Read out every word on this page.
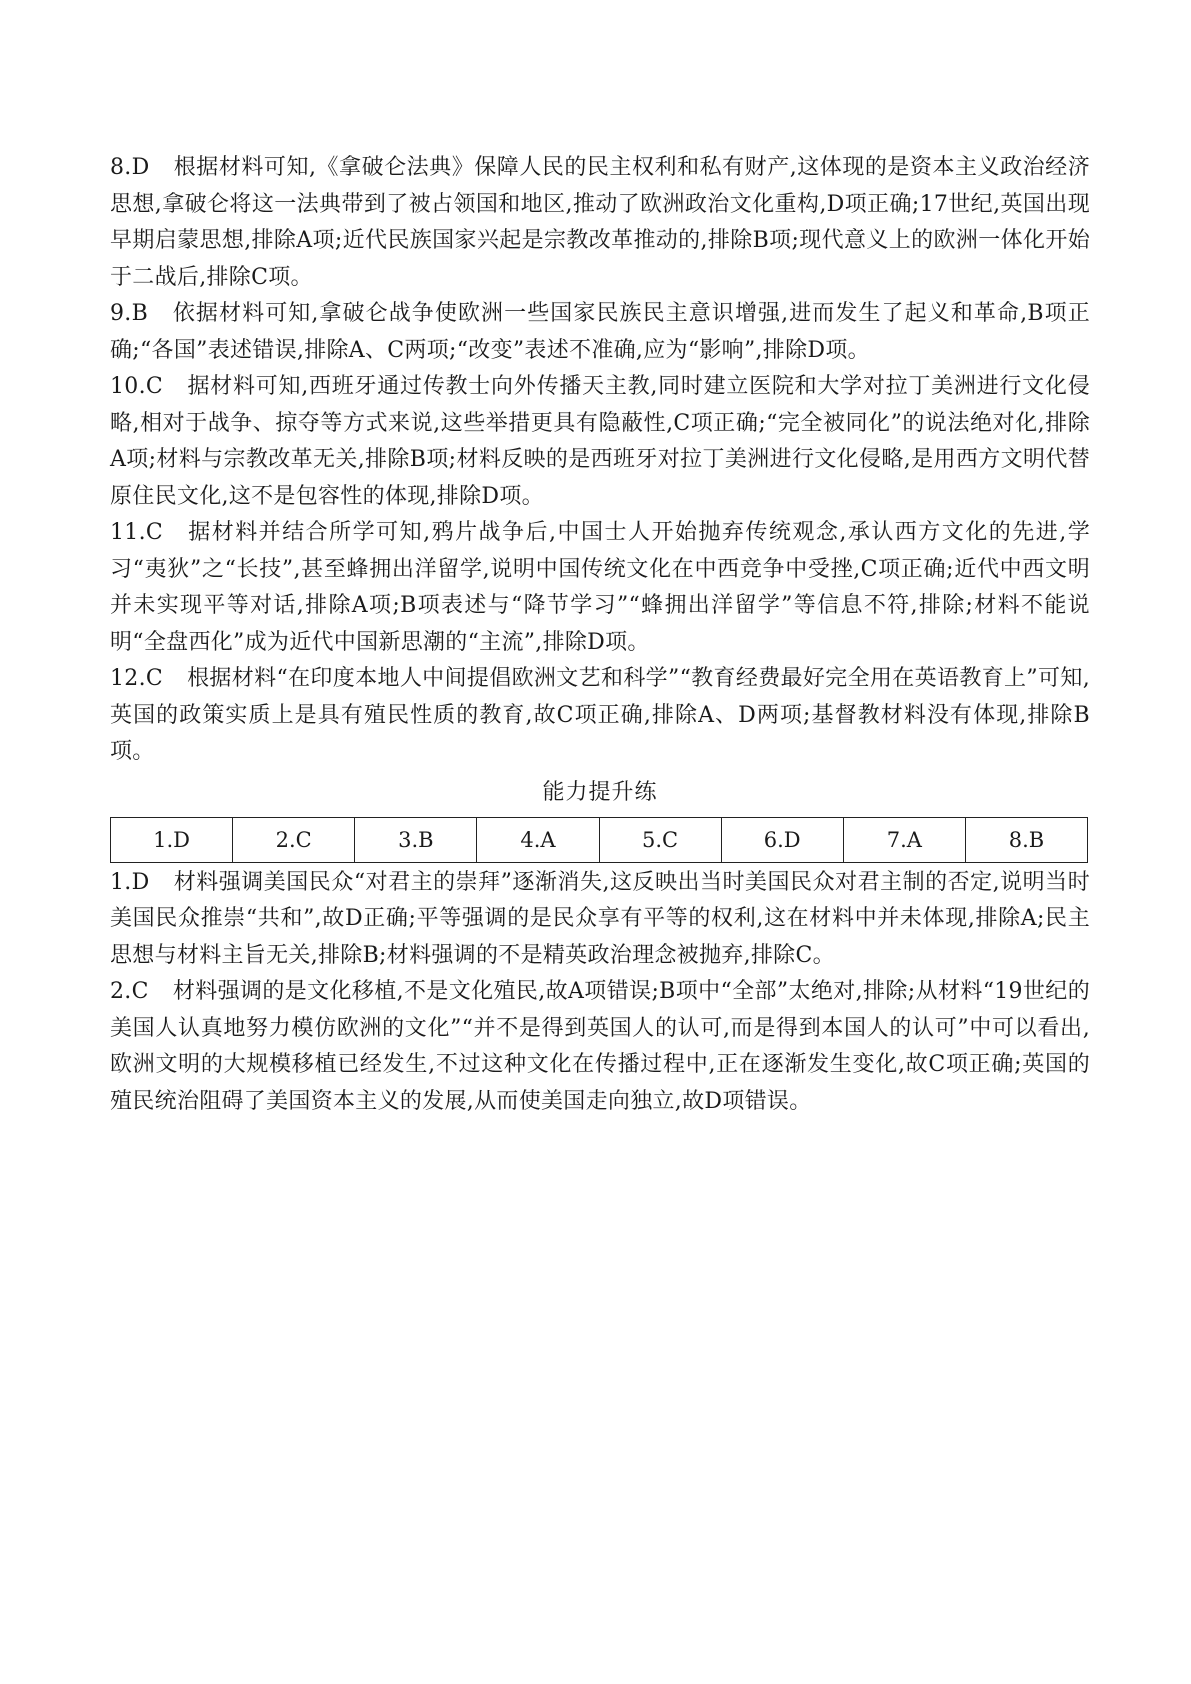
8.D 根据材料可知,《拿破仑法典》保障人民的民主权利和私有财产,这体现的是资本主义政治经济思想,拿破仑将这一法典带到了被占领国和地区,推动了欧洲政治文化重构,D项正确;17世纪,英国出现早期启蒙思想,排除A项;近代民族国家兴起是宗教改革推动的,排除B项;现代意义上的欧洲一体化开始于二战后,排除C项。

9.B 依据材料可知,拿破仑战争使欧洲一些国家民族民主意识增强,进而发生了起义和革命,B项正确;“各国”表述错误,排除A、C两项;“改变”表述不准确,应为“影响”,排除D项。

10.C 据材料可知,西班牙通过传教士向外传播天主教,同时建立医院和大学对拉丁美洲进行文化侵略,相对于战争、掠夺等方式来说,这些举措更具有隐蔽性,C项正确;“完全被同化”的说法绝对化,排除A项;材料与宗教改革无关,排除B项;材料反映的是西班牙对拉丁美洲进行文化侵略,是用西方文明代替原住民文化,这不是包容性的体现,排除D项。

11.C 据材料并结合所学可知,鸦片战争后,中国士人开始抛弃传统观念,承认西方文化的先进,学习“夷狄”之“长技”,甚至蜂拥出洋留学,说明中国传统文化在中西竞争中受挫,C项正确;近代中西文明并未实现平等对话,排除A项;B项表述与“降节学习”“蜂拥出洋留学”等信息不符,排除;材料不能说明“全盘西化”成为近代中国新思潮的“主流”,排除D项。

12.C 根据材料“在印度本地人中间提倡欧洲文艺和科学”“教育经费最好完全用在英语教育上”可知,英国的政策实质上是具有殖民性质的教育,故C项正确,排除A、D两项;基督教材料没有体现,排除B项。

能力提升练
1.D	2.C	3.B	4.A	5.C	6.D	7.A	8.B

1.D 材料强调美国民众“对君主的崇拜”逐渐消失,这反映出当时美国民众对君主制的否定,说明当时美国民众推崇“共和”,故D正确;平等强调的是民众享有平等的权利,这在材料中并未体现,排除A;民主思想与材料主旨无关,排除B;材料强调的不是精英政治理念被抛弃,排除C。

2.C 材料强调的是文化移植,不是文化殖民,故A项错误;B项中“全部”太绝对,排除;从材料“19世纪的美国人认真地努力模仿欧洲的文化”“并不是得到英国人的认可,而是得到本国人的认可”中可以看出,欧洲文明的大规模移植已经发生,不过这种文化在传播过程中,正在逐渐发生变化,故C项正确;英国的殖民统治阻碍了美国资本主义的发展,从而使美国走向独立,故D项错误。
